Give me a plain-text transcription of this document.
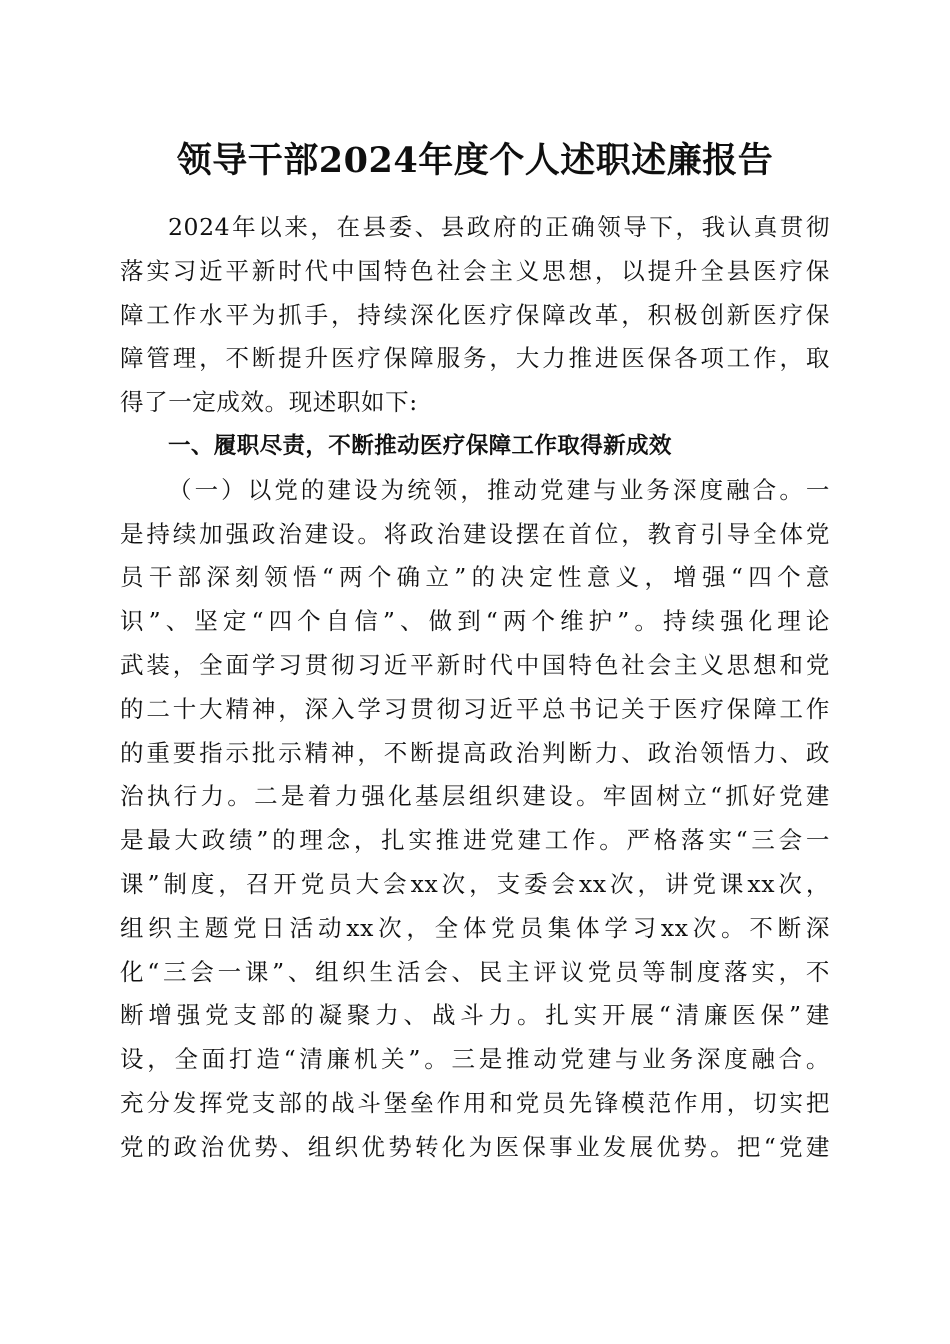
领导干部2024年度个人述职述廉报告
2024年以来，在县委、县政府的正确领导下，我认真贯彻
落实习近平新时代中国特色社会主义思想，以提升全县医疗保
障工作水平为抓手，持续深化医疗保障改革，积极创新医疗保
障管理，不断提升医疗保障服务，大力推进医保各项工作，取
得了一定成效。现述职如下:
一、履职尽责，不断推动医疗保障工作取得新成效
（一）以党的建设为统领，推动党建与业务深度融合。一
是持续加强政治建设。将政治建设摆在首位，教育引导全体党
员干部深刻领悟“两个确立”的决定性意义，增强“四个意
识”、坚定“四个自信”、做到“两个维护”。持续强化理论
武装，全面学习贯彻习近平新时代中国特色社会主义思想和党
的二十大精神，深入学习贯彻习近平总书记关于医疗保障工作
的重要指示批示精神，不断提高政治判断力、政治领悟力、政
治执行力。二是着力强化基层组织建设。牢固树立“抓好党建
是最大政绩”的理念，扎实推进党建工作。严格落实“三会一
课”制度，召开党员大会xx次，支委会xx次，讲党课xx次，
组织主题党日活动xx次，全体党员集体学习xx次。不断深
化“三会一课”、组织生活会、民主评议党员等制度落实，不
断增强党支部的凝聚力、战斗力。扎实开展“清廉医保”建
设，全面打造“清廉机关”。三是推动党建与业务深度融合。
充分发挥党支部的战斗堡垒作用和党员先锋模范作用，切实把
党的政治优势、组织优势转化为医保事业发展优势。把“党建
